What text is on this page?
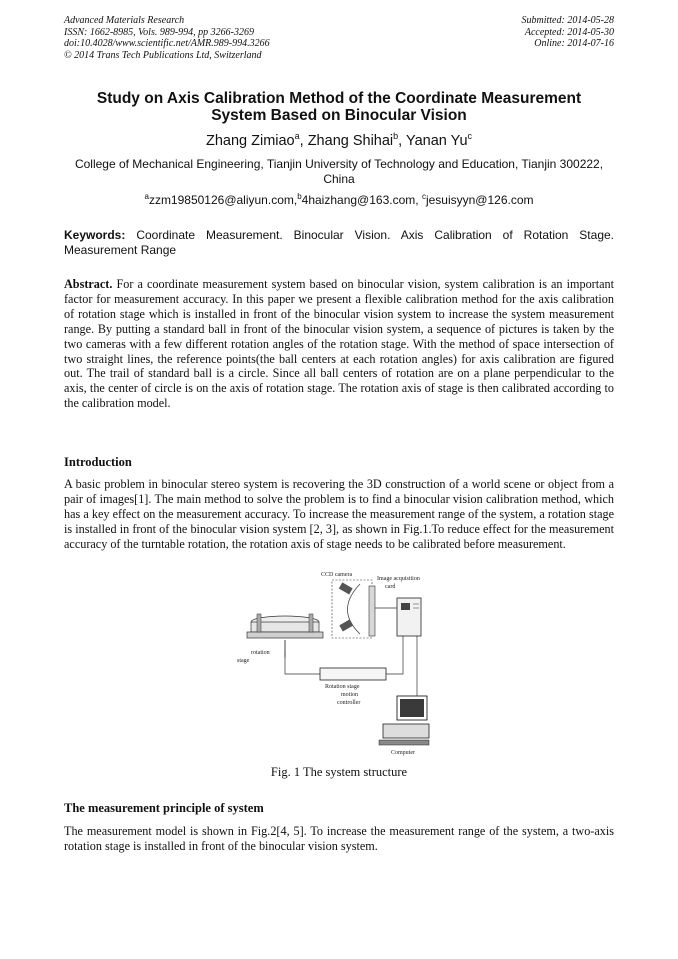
Advanced Materials Research
ISSN: 1662-8985, Vols. 989-994, pp 3266-3269
doi:10.4028/www.scientific.net/AMR.989-994.3266
© 2014 Trans Tech Publications Ltd, Switzerland
Submitted: 2014-05-28
Accepted: 2014-05-30
Online: 2014-07-16
Study on Axis Calibration Method of the Coordinate Measurement
System Based on Binocular Vision
Zhang Zimiao$^a$, Zhang Shihai$^b$, Yanan Yu$^c$
College of Mechanical Engineering, Tianjin University of Technology and Education, Tianjin 300222,
China
$^a$zzm19850126@aliyun.com,$^b$4haizhang@163.com, $^c$jesuisyyn@126.com
Keywords: Coordinate Measurement. Binocular Vision. Axis Calibration of Rotation Stage. Measurement Range
Abstract. For a coordinate measurement system based on binocular vision, system calibration is an important factor for measurement accuracy. In this paper we present a flexible calibration method for the axis calibration of rotation stage which is installed in front of the binocular vision system to increase the system measurement range. By putting a standard ball in front of the binocular vision system, a sequence of pictures is taken by the two cameras with a few different rotation angles of the rotation stage. With the method of space intersection of two straight lines, the reference points(the ball centers at each rotation angles) for axis calibration are figured out. The trail of standard ball is a circle. Since all ball centers of rotation are on a plane perpendicular to the axis, the center of circle is on the axis of rotation stage. The rotation axis of stage is then calibrated according to the calibration model.
Introduction
A basic problem in binocular stereo system is recovering the 3D construction of a world scene or object from a pair of images[1]. The main method to solve the problem is to find a binocular vision calibration method, which has a key effect on the measurement accuracy. To increase the measurement range of the system, a rotation stage is installed in front of the binocular vision system [2, 3], as shown in Fig.1.To reduce effect for the measurement accuracy of the turntable rotation, the rotation axis of stage needs to be calibrated before measurement.
CCD camera
Image acquisition
card
rotation
stage
Rotation stage
motion
controller
Computer
Fig. 1 The system structure
The measurement principle of system
The measurement model is shown in Fig.2[4, 5]. To increase the measurement range of the system, a two-axis rotation stage is installed in front of the binocular vision system.
